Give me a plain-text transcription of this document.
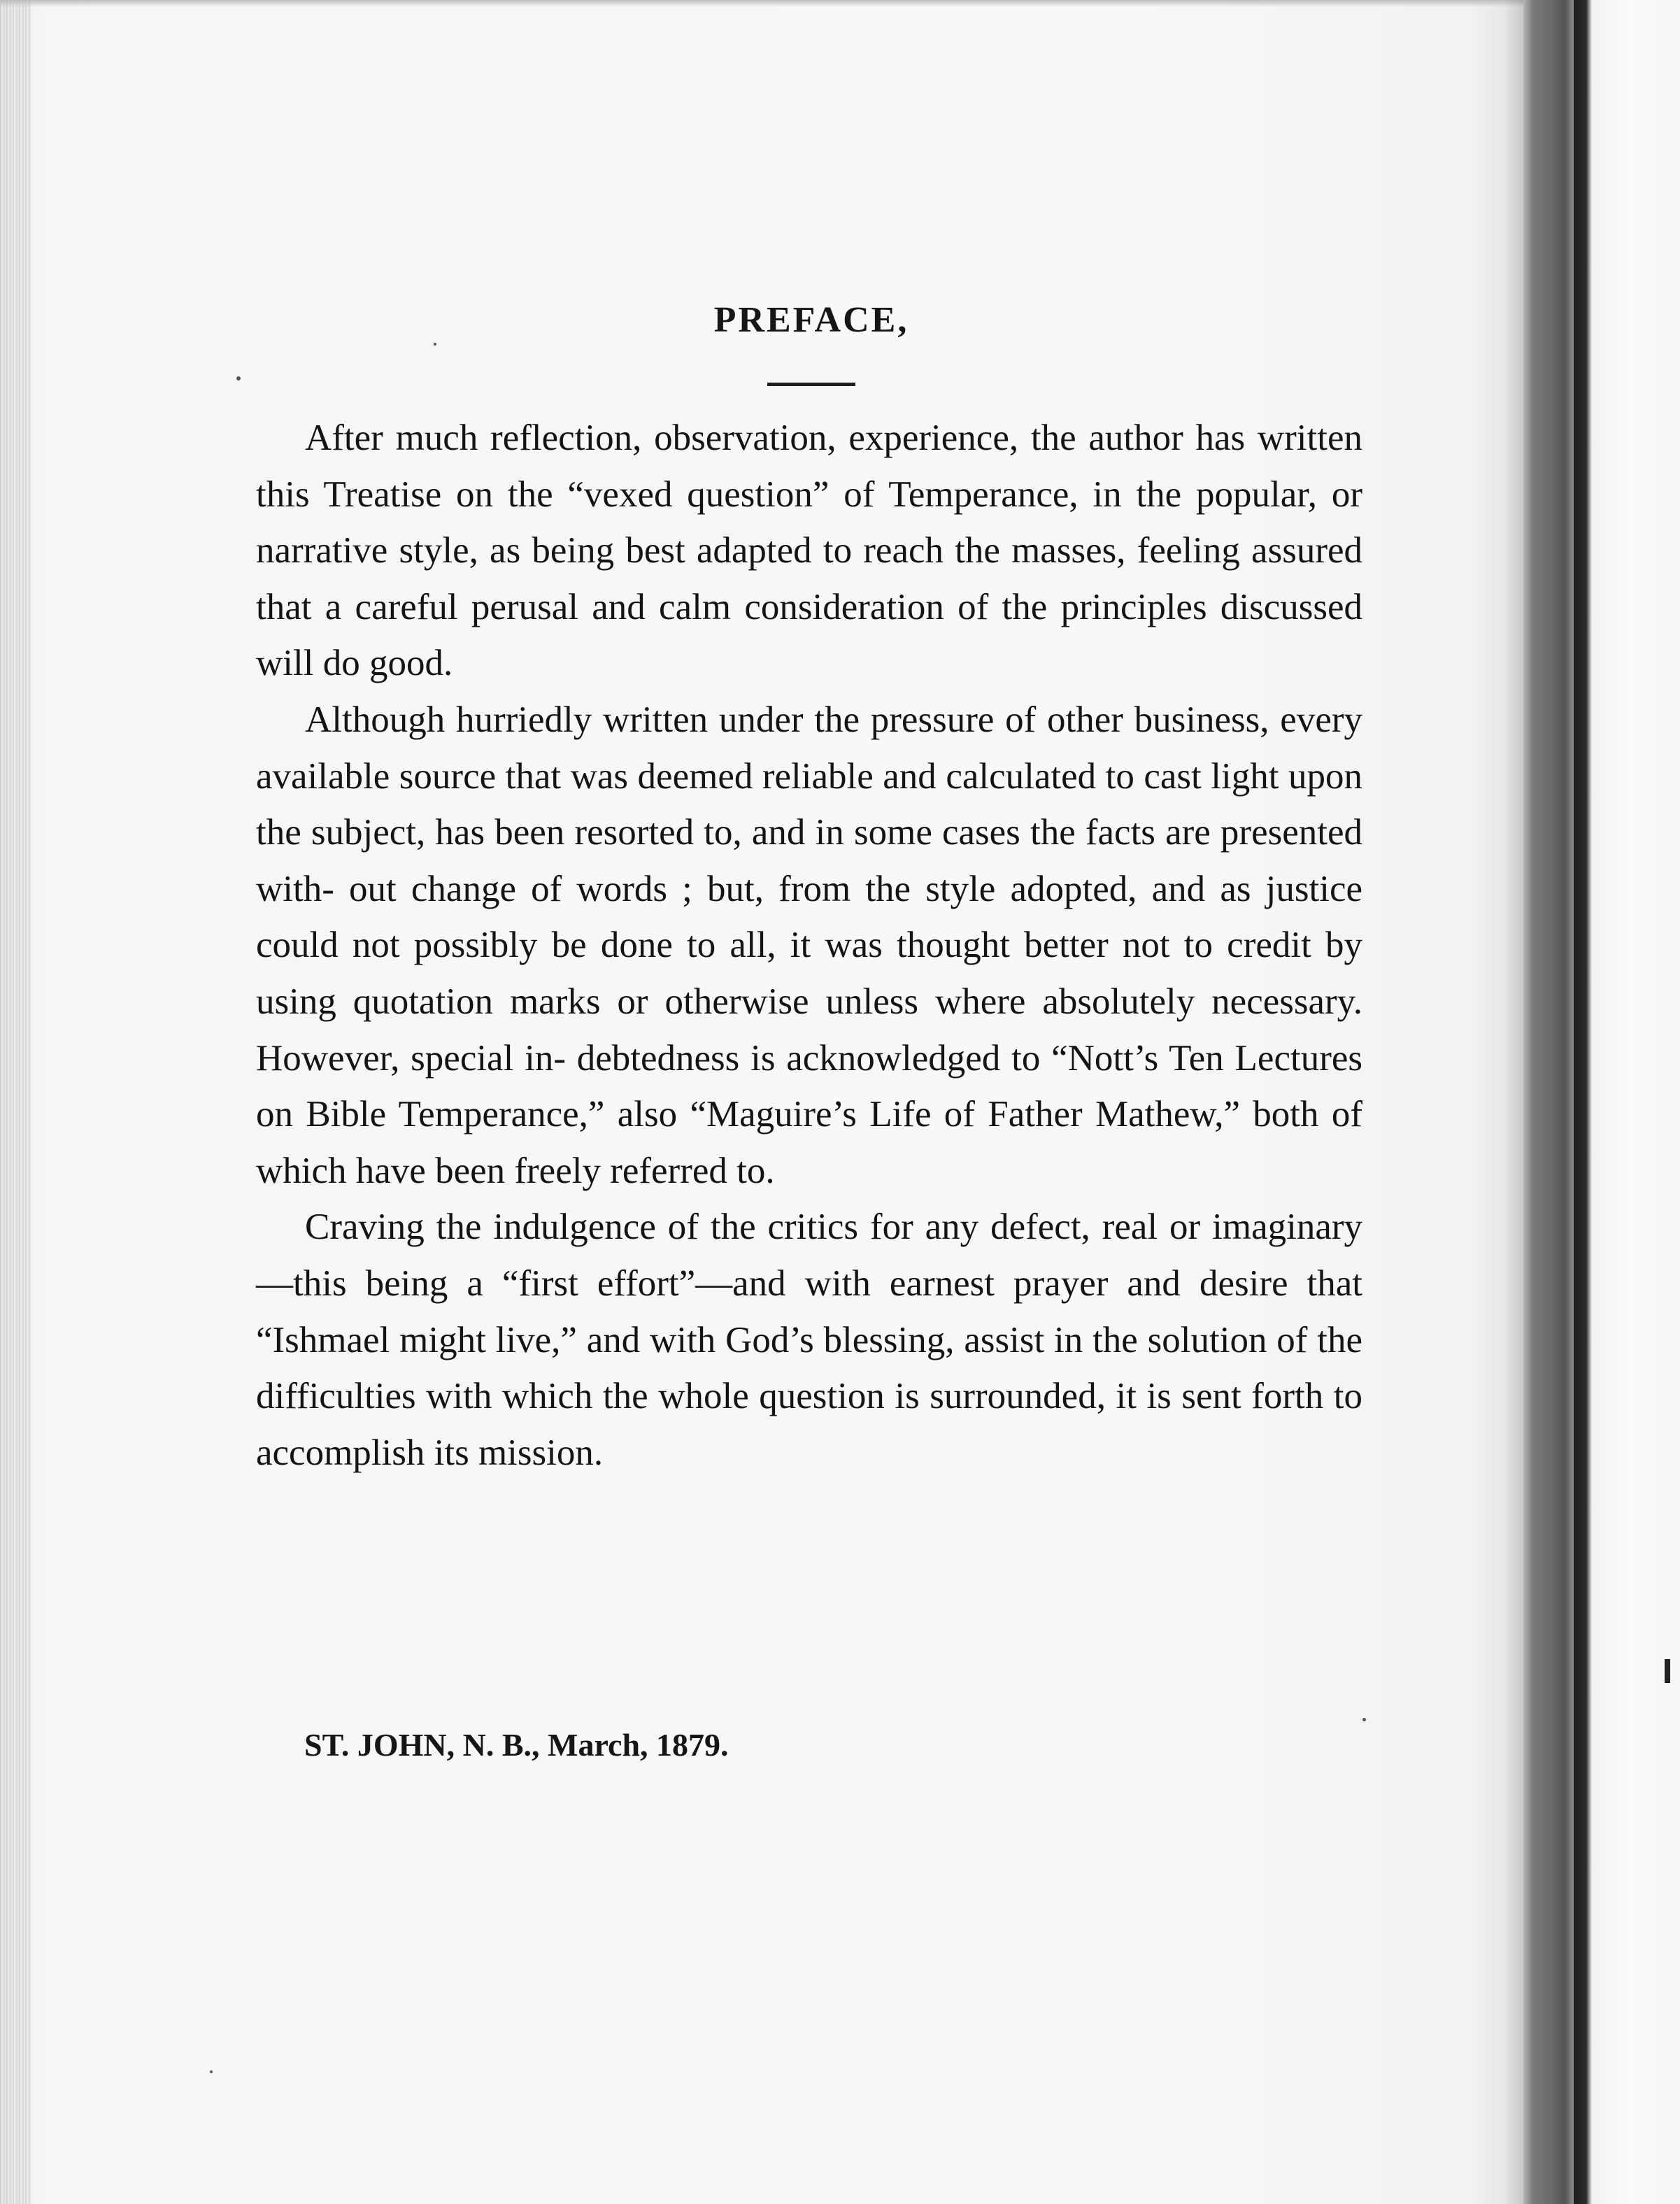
PREFACE,

After much reflection, observation, experience, the author has written this Treatise on the “vexed question” of Temperance, in the popular, or narrative style, as being best adapted to reach the masses, feeling assured that a careful perusal and calm consideration of the principles discussed will do good.

Although hurriedly written under the pressure of other business, every available source that was deemed reliable and calculated to cast light upon the subject, has been resorted to, and in some cases the facts are presented with- out change of words ; but, from the style adopted, and as justice could not possibly be done to all, it was thought better not to credit by using quotation marks or otherwise unless where absolutely necessary. However, special in- debtedness is acknowledged to “Nott’s Ten Lectures on Bible Temperance,” also “Maguire’s Life of Father Mathew,” both of which have been freely referred to.

Craving the indulgence of the critics for any defect, real or imaginary—this being a “first effort”—and with earnest prayer and desire that “Ishmael might live,” and with God’s blessing, assist in the solution of the difficulties with which the whole question is surrounded, it is sent forth to accomplish its mission.

ST. JOHN, N. B., March, 1879.
